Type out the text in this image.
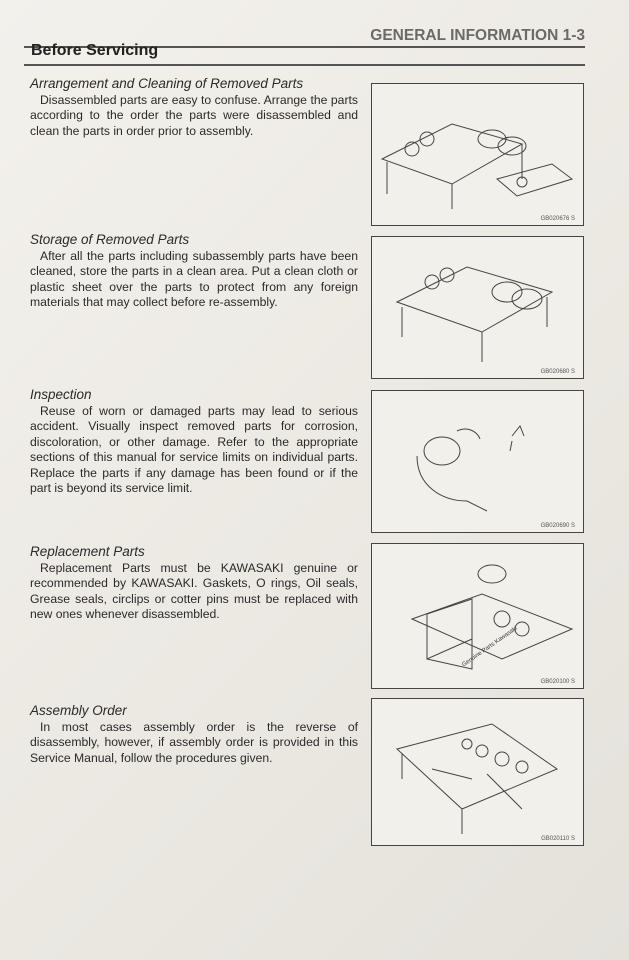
GENERAL INFORMATION 1-3
Before Servicing
Arrangement and Cleaning of Removed Parts

Disassembled parts are easy to confuse. Arrange the parts according to the order the parts were disassembled and clean the parts in order prior to assembly.

Storage of Removed Parts

After all the parts including subassembly parts have been cleaned, store the parts in a clean area. Put a clean cloth or plastic sheet over the parts to protect from any foreign materials that may collect before re-assembly.

Inspection

Reuse of worn or damaged parts may lead to serious accident. Visually inspect removed parts for corrosion, discoloration, or other damage. Refer to the appropriate sections of this manual for service limits on individual parts. Replace the parts if any damage has been found or if the part is beyond its service limit.

Replacement Parts

Replacement Parts must be KAWASAKI genuine or recommended by KAWASAKI. Gaskets, O rings, Oil seals, Grease seals, circlips or cotter pins must be replaced with new ones whenever disassembled.

Assembly Order

In most cases assembly order is the reverse of disassembly, however, if assembly order is provided in this Service Manual, follow the procedures given.

GB020676 S
GB020680 S
GB020690 S
Genuine Parts Kawasaki
GB020100 S
GB020110 S
